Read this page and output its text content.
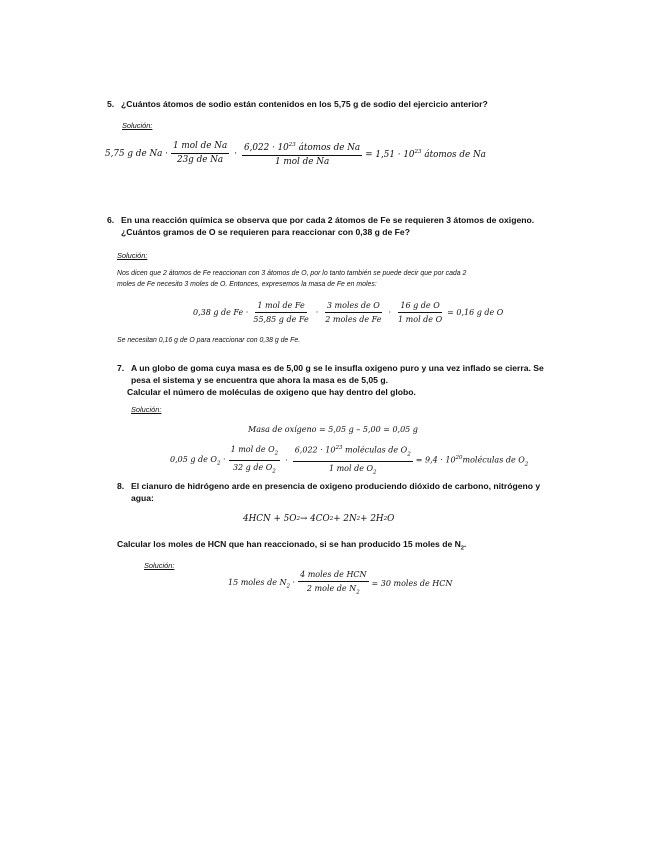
5. ¿Cuántos átomos de sodio están contenidos en los 5,75 g de sodio del ejercicio anterior?
Solución:
5,75 g de $Na \cdot \frac{\text{1 mol de Na}}{\text{23g de Na}} \cdot \frac{6,022 \cdot 10^{23} átomos de Na}{\text{1 mol de Na}} = 1,51 \cdot 10^{23}$ átomos de Na
6. En una reacción química se observa que por cada 2 átomos de Fe se requieren 3 átomos de oxigeno.
¿Cuántos gramos de O se requieren para reaccionar con 0,38 g de Fe?
Solución:
Nos dicen que 2 átomos de Fe reaccionan con 3 átomos de O, por lo tanto también se puede decir que por cada 2
moles de Fe necesito 3 moles de O. Entonces, expresemos la masa de Fe en moles:
0,38 g de $Fe \cdot \frac{\text{1 mol de Fe}}{\text{55,85 g de Fe}} \cdot \frac{\text{3 moles de O}}{\text{2 moles de Fe}} \cdot \frac{\text{16 g de O}}{\text{1 mol de O}} = 0,16$ g de O
Se necesitan 0,16 g de O para reaccionar con 0,38 g de Fe.
7. A un globo de goma cuya masa es de 5,00 g se le insufla oxigeno puro y una vez inflado se cierra. Se
pesa el sistema y se encuentra que ahora la masa es de 5,05 g.
Calcular el número de moléculas de oxigeno que hay dentro del globo.
Solución:
Masa de oxígeno = 5,05 g – 5,00 = 0,05 g
0,05 g de $O_2 \cdot \frac{1 mol de O_2}{32 g de O_2} \cdot \frac{6,022 \cdot 10^{23} moléculas de O_2}{1 mol de O_2} = 9,4$ · $10^{20}moléculas$ de $O_2$
8. El cianuro de hidrógeno arde en presencia de oxigeno produciendo dióxido de carbono, nitrógeno y
agua:
4HCN + 5O 2 → 4CO 2 + 2N 2 + 2H 2 O
Calcular los moles de HCN que han reaccionado, si se han producido 15 moles de $N_2$.
Solución:
15 moles de $N_2 \cdot \frac{\text{4 moles de HCN}}{2 mole de N_2} = 30$ moles de HCN
